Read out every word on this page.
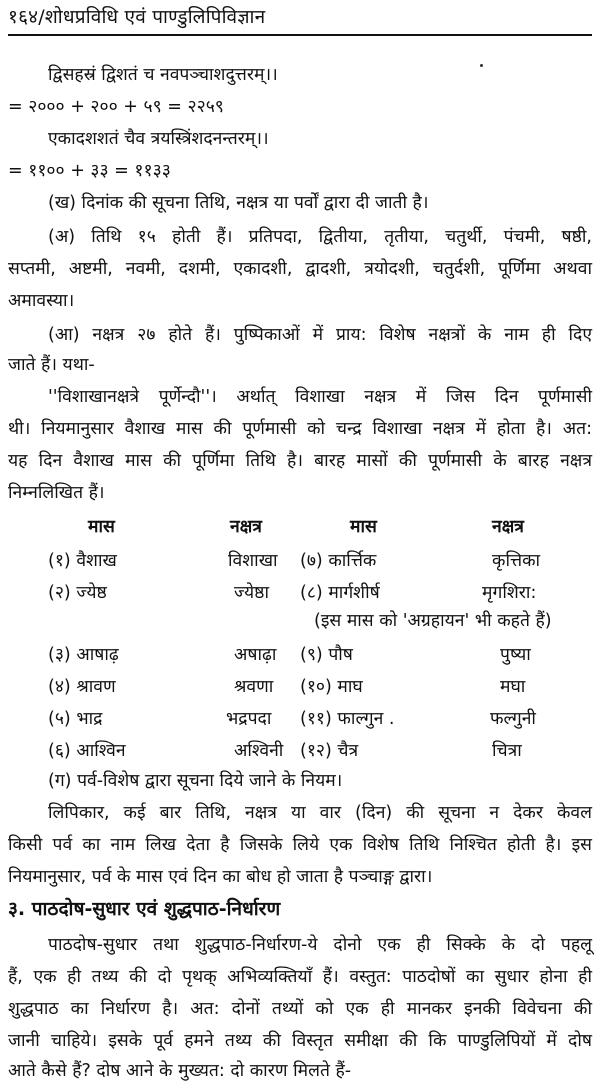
१६४/शोधप्रविधि एवं पाण्डुलिपिविज्ञान
द्विसहस्रं द्विशतं च नवपञ्चाशदुत्तरम्।।
= २००० + २०० + ५९ = २२५९
एकादशशतं चैव त्रयस्त्रिंशदनन्तरम्।।
= ११०० + ३३ = ११३३
(ख) दिनांक की सूचना तिथि, नक्षत्र या पर्वों द्वारा दी जाती है।
(अ) तिथि १५ होती हैं। प्रतिपदा, द्वितीया, तृतीया, चतुर्थी, पंचमी, षष्ठी,
सप्तमी, अष्टमी, नवमी, दशमी, एकादशी, द्वादशी, त्रयोदशी, चतुर्दशी, पूर्णिमा अथवा
अमावस्या।
(आ) नक्षत्र २७ होते हैं। पुष्पिकाओं में प्राय: विशेष नक्षत्रों के नाम ही दिए
जाते हैं। यथा-
''विशाखानक्षत्रे पूर्णेन्दौ''। अर्थात् विशाखा नक्षत्र में जिस दिन पूर्णमासी
थी। नियमानुसार वैशाख मास की पूर्णमासी को चन्द्र विशाखा नक्षत्र में होता है। अत:
यह दिन वैशाख मास की पूर्णिमा तिथि है। बारह मासों की पूर्णमासी के बारह नक्षत्र
निम्नलिखित हैं।
मास	नक्षत्र	मास	नक्षत्र
(१) वैशाख	विशाखा (७) कार्त्तिक	कृत्तिका
(२) ज्येष्ठ	ज्येष्ठा (८) मार्गशीर्ष	मृगशिरा:
(इस मास को 'अग्रहायन' भी कहते हैं)
(३) आषाढ़	अषाढ़ा (९) पौष	पुष्या
(४) श्रावण	श्रवणा (१०) माघ	मघा
(५) भाद्र	भद्रपदा (११) फाल्गुन .	फल्गुनी
(६) आश्विन	अश्विनी (१२) चैत्र	चित्रा
(ग) पर्व-विशेष द्वारा सूचना दिये जाने के नियम।
लिपिकार, कई बार तिथि, नक्षत्र या वार (दिन) की सूचना न देकर केवल
किसी पर्व का नाम लिख देता है जिसके लिये एक विशेष तिथि निश्चित होती है। इस
नियमानुसार, पर्व के मास एवं दिन का बोध हो जाता है पञ्चाङ्ग द्वारा।
३. पाठदोष-सुधार एवं शुद्धपाठ-निर्धारण
पाठदोष-सुधार तथा शुद्धपाठ-निर्धारण-ये दोनो एक ही सिक्के के दो पहलू
हैं, एक ही तथ्य की दो पृथक् अभिव्यक्तियाँ हैं। वस्तुत: पाठदोषों का सुधार होना ही
शुद्धपाठ का निर्धारण है। अत: दोनों तथ्यों को एक ही मानकर इनकी विवेचना की
जानी चाहिये। इसके पूर्व हमने तथ्य की विस्तृत समीक्षा की कि पाण्डुलिपियों में दोष
आते कैसे हैं? दोष आने के मुख्यत: दो कारण मिलते हैं-
